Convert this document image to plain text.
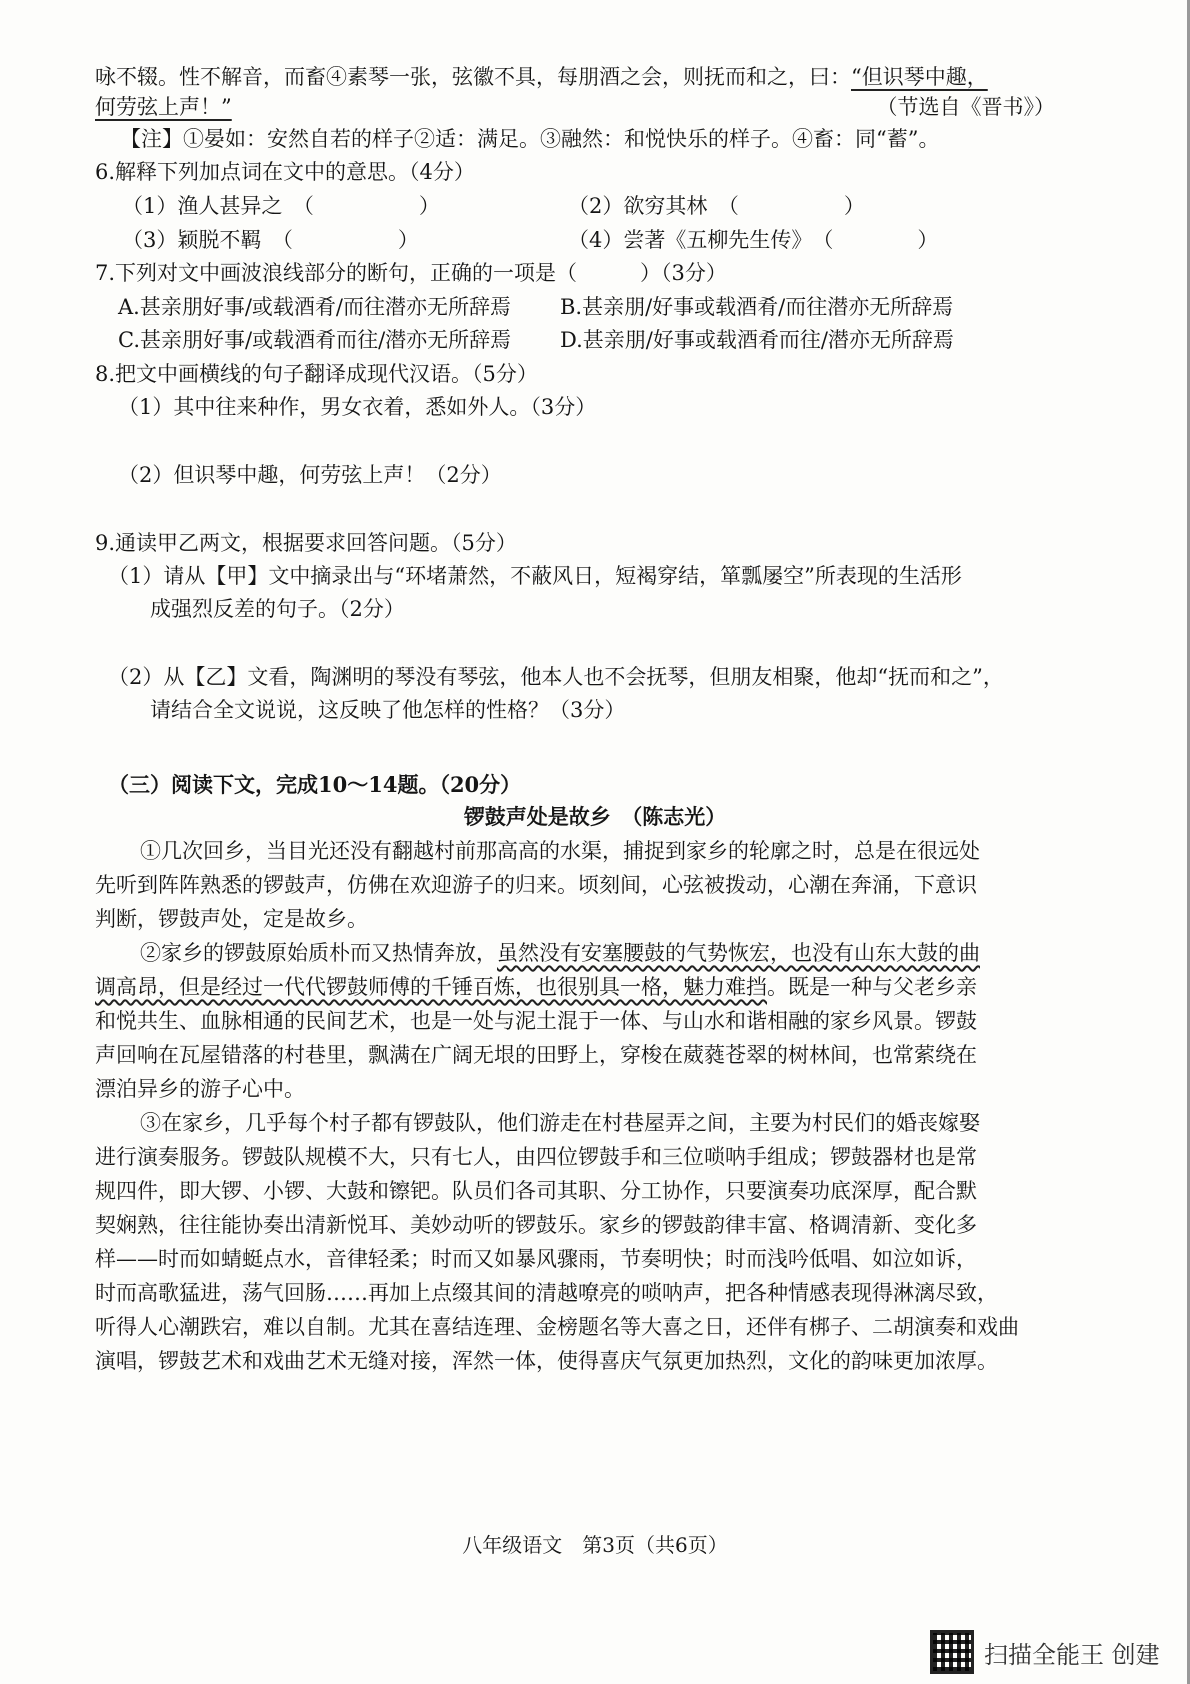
咏不辍。性不解音，而畜④素琴一张，弦徽不具，每朋酒之会，则抚而和之，曰：“但识琴中趣，
何劳弦上声！”	（节选自《晋书》）
【注】①晏如：安然自若的样子②适：满足。③融然：和悦快乐的样子。④畜：同“蓄”。
6.解释下列加点词在文中的意思。（4分）
（1）渔人甚异之　（　　　　　）	（2）欲穷其林　（　　　　　）
（3）颖脱不羁　（　　　　　）	（4）尝著《五柳先生传》　（　　　　）
7.下列对文中画波浪线部分的断句，正确的一项是（　　　）（3分）
A.甚亲朋好事/或载酒肴/而往潜亦无所辞焉 B.甚亲朋/好事或载酒肴/而往潜亦无所辞焉
C.甚亲朋好事/或载酒肴而往/潜亦无所辞焉 D.甚亲朋/好事或载酒肴而往/潜亦无所辞焉
8.把文中画横线的句子翻译成现代汉语。（5分）
（1）其中往来种作，男女衣着，悉如外人。（3分）
（2）但识琴中趣，何劳弦上声！（2分）
9.通读甲乙两文，根据要求回答问题。（5分）
（1）请从【甲】文中摘录出与“环堵萧然，不蔽风日，短褐穿结，箪瓢屡空”所表现的生活形
成强烈反差的句子。（2分）
（2）从【乙】文看，陶渊明的琴没有琴弦，他本人也不会抚琴，但朋友相聚，他却“抚而和之”，
请结合全文说说，这反映了他怎样的性格？（3分）
（三）阅读下文，完成10～14题。（20分）
锣鼓声处是故乡　（陈志光）
①几次回乡，当目光还没有翻越村前那高高的水渠，捕捉到家乡的轮廓之时，总是在很远处
先听到阵阵熟悉的锣鼓声，仿佛在欢迎游子的归来。顷刻间，心弦被拨动，心潮在奔涌，下意识
判断，锣鼓声处，定是故乡。
②家乡的锣鼓原始质朴而又热情奔放，虽然没有安塞腰鼓的气势恢宏，也没有山东大鼓的曲
调高昂，但是经过一代代锣鼓师傅的千锤百炼，也很别具一格，魅力难挡。既是一种与父老乡亲
和悦共生、血脉相通的民间艺术，也是一处与泥土混于一体、与山水和谐相融的家乡风景。锣鼓
声回响在瓦屋错落的村巷里，飘满在广阔无垠的田野上，穿梭在葳蕤苍翠的树林间，也常萦绕在
漂泊异乡的游子心中。
③在家乡，几乎每个村子都有锣鼓队，他们游走在村巷屋弄之间，主要为村民们的婚丧嫁娶
进行演奏服务。锣鼓队规模不大，只有七人，由四位锣鼓手和三位唢呐手组成；锣鼓器材也是常
规四件，即大锣、小锣、大鼓和镲钯。队员们各司其职、分工协作，只要演奏功底深厚，配合默
契娴熟，往往能协奏出清新悦耳、美妙动听的锣鼓乐。家乡的锣鼓韵律丰富、格调清新、变化多
样——时而如蜻蜓点水，音律轻柔；时而又如暴风骤雨，节奏明快；时而浅吟低唱、如泣如诉，
时而高歌猛进，荡气回肠……再加上点缀其间的清越嘹亮的唢呐声，把各种情感表现得淋漓尽致，
听得人心潮跌宕，难以自制。尤其在喜结连理、金榜题名等大喜之日，还伴有梆子、二胡演奏和戏曲
演唱，锣鼓艺术和戏曲艺术无缝对接，浑然一体，使得喜庆气氛更加热烈，文化的韵味更加浓厚。
八年级语文　第3页（共6页）
扫描全能王 创建
